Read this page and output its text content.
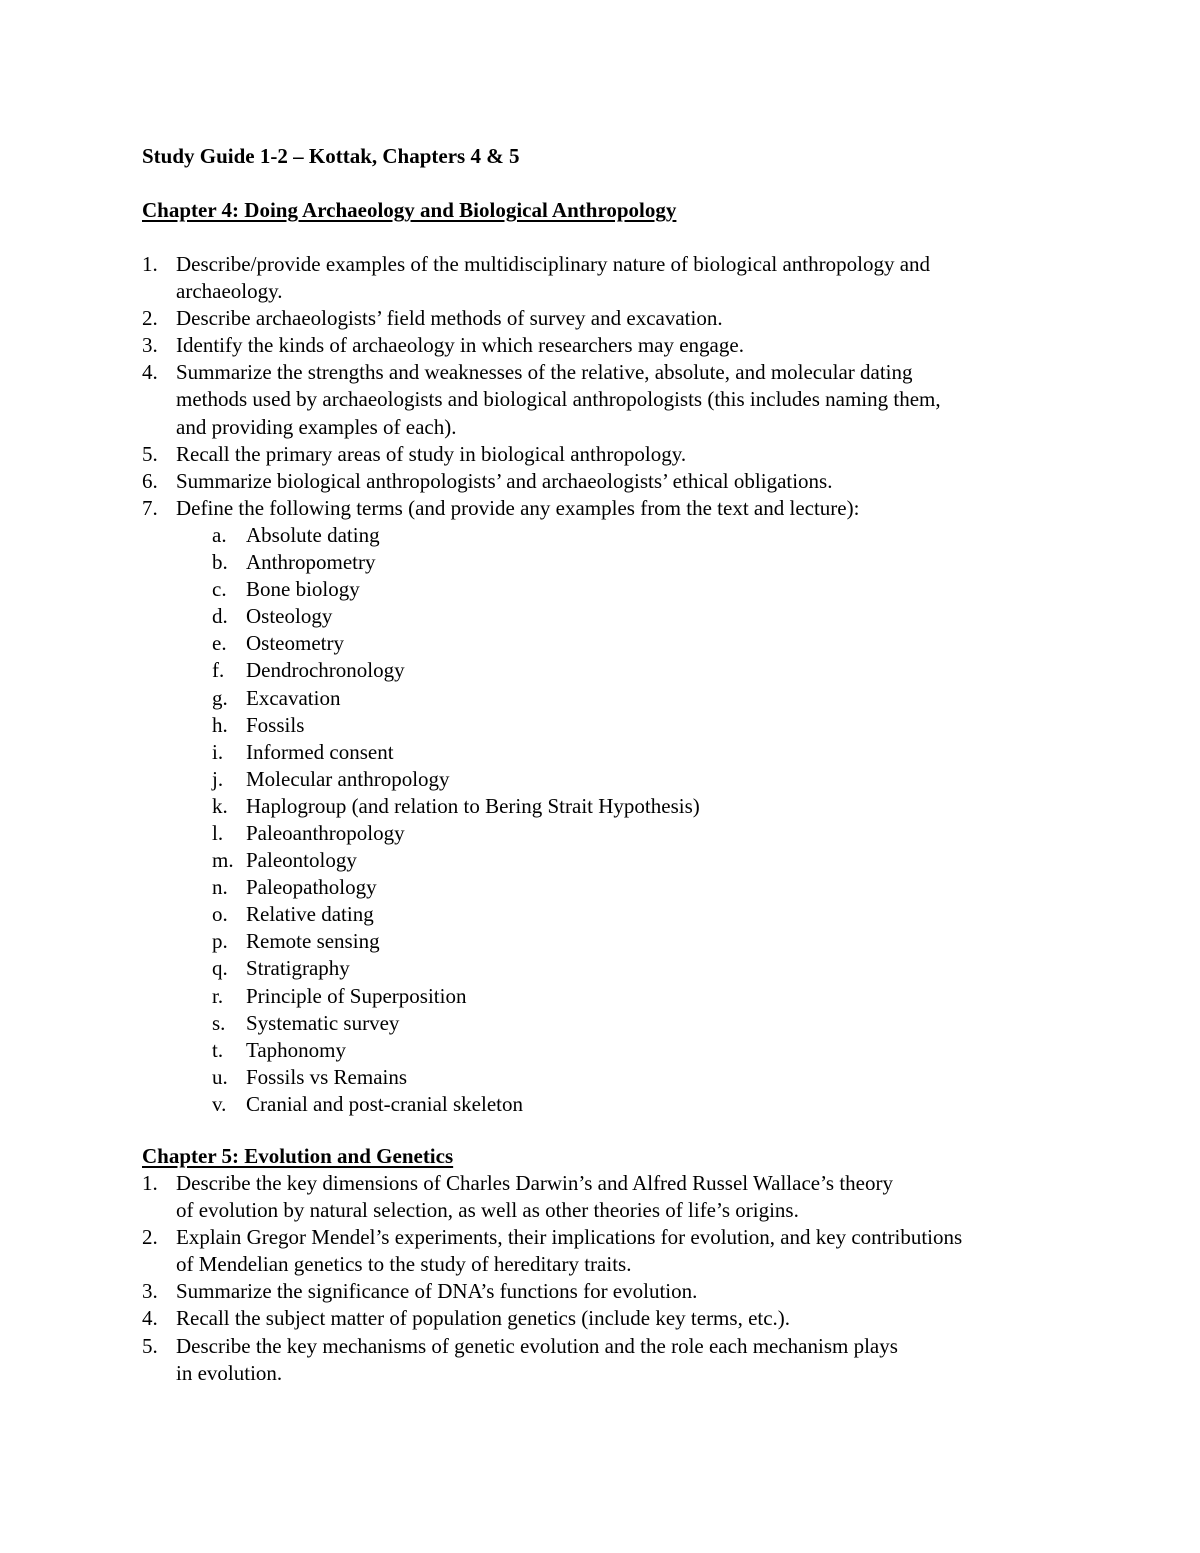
Study Guide 1-2 – Kottak, Chapters 4 & 5
Chapter 4: Doing Archaeology and Biological Anthropology
1. Describe/provide examples of the multidisciplinary nature of biological anthropology and
archaeology.
2. Describe archaeologists’ field methods of survey and excavation.
3. Identify the kinds of archaeology in which researchers may engage.
4. Summarize the strengths and weaknesses of the relative, absolute, and molecular dating
methods used by archaeologists and biological anthropologists (this includes naming them,
and providing examples of each).
5. Recall the primary areas of study in biological anthropology.
6. Summarize biological anthropologists’ and archaeologists’ ethical obligations.
7. Define the following terms (and provide any examples from the text and lecture):
a. Absolute dating
b. Anthropometry
c. Bone biology
d. Osteology
e. Osteometry
f.	Dendrochronology
g. Excavation
h. Fossils
i.	Informed consent
j.	Molecular anthropology
k. Haplogroup (and relation to Bering Strait Hypothesis)
l.	Paleoanthropology
m. Paleontology
n. Paleopathology
o. Relative dating
p. Remote sensing
q. Stratigraphy
r.	Principle of Superposition
s. Systematic survey
t.	Taphonomy
u. Fossils vs Remains
v. Cranial and post-cranial skeleton
Chapter 5: Evolution and Genetics
1. Describe the key dimensions of Charles Darwin’s and Alfred Russel Wallace’s theory
of evolution by natural selection, as well as other theories of life’s origins.
2. Explain Gregor Mendel’s experiments, their implications for evolution, and key contributions
of Mendelian genetics to the study of hereditary traits.
3. Summarize the significance of DNA’s functions for evolution.
4. Recall the subject matter of population genetics (include key terms, etc.).
5. Describe the key mechanisms of genetic evolution and the role each mechanism plays
in evolution.
